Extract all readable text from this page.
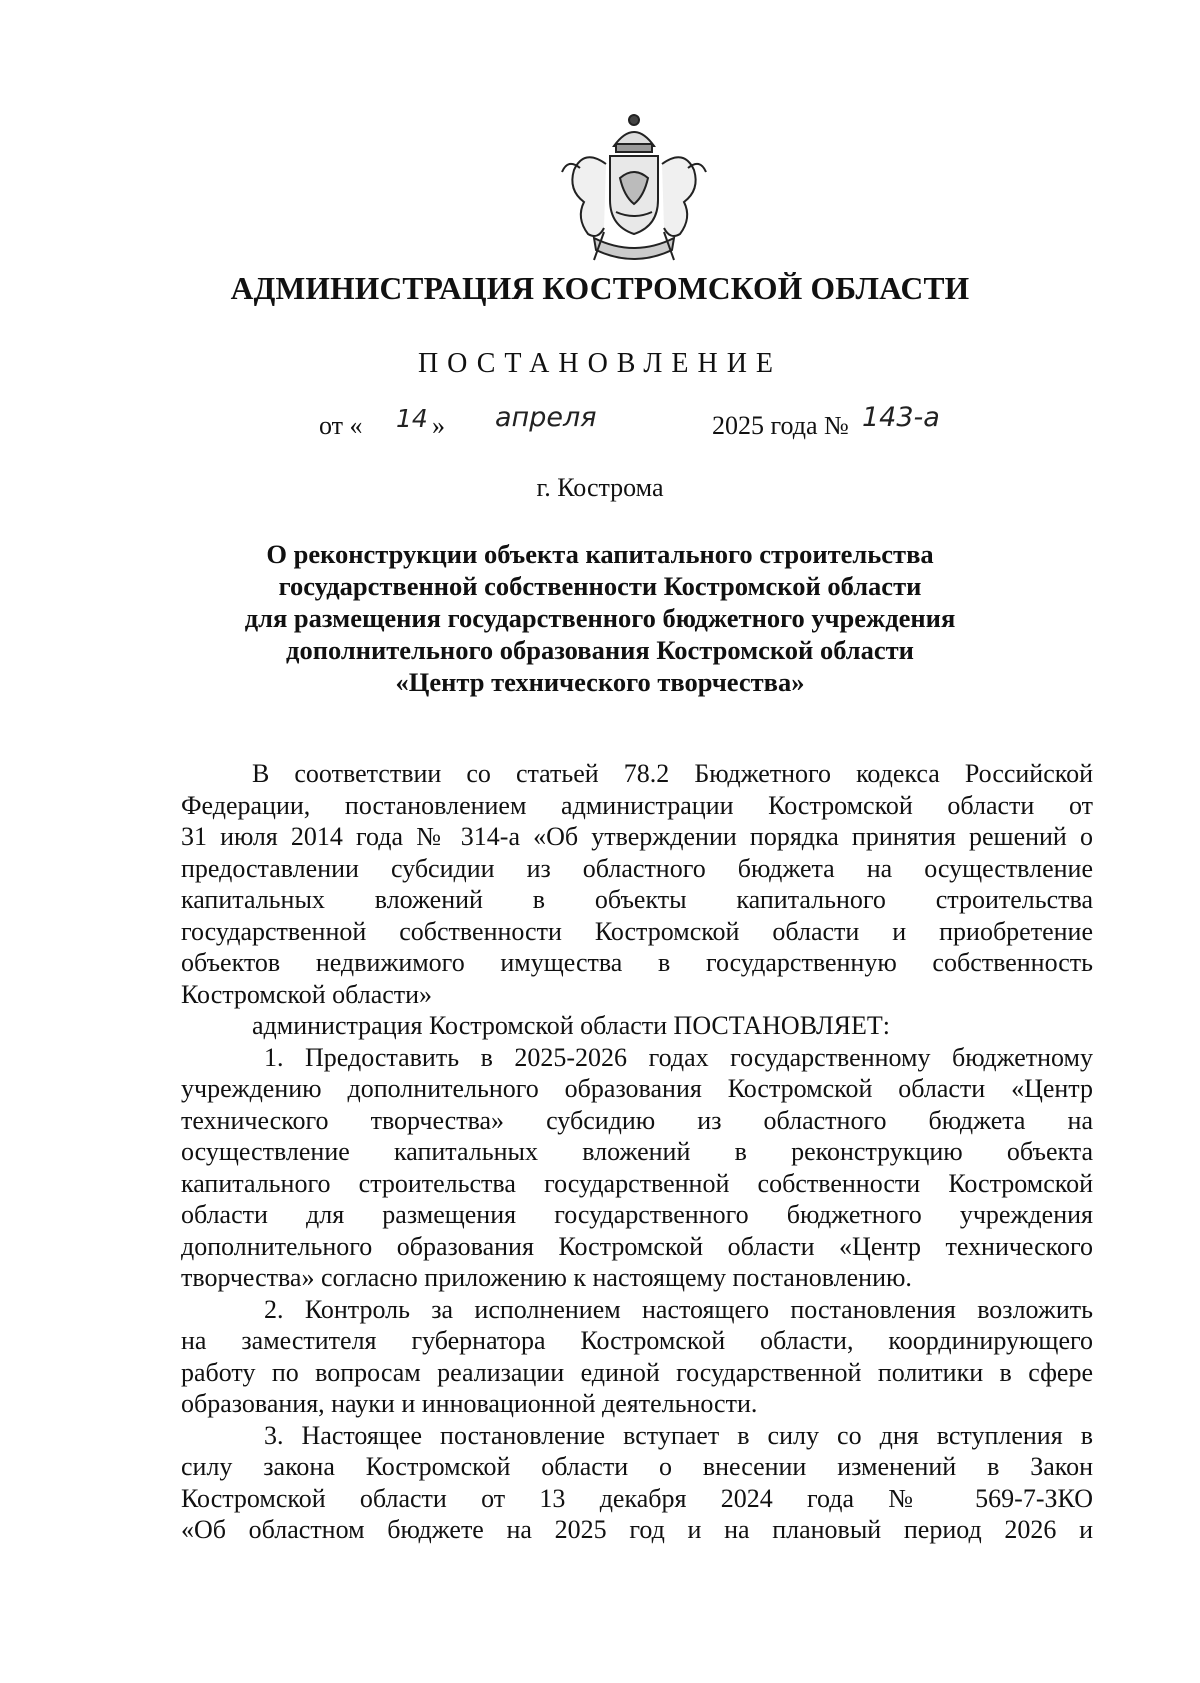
АДМИНИСТРАЦИЯ КОСТРОМСКОЙ ОБЛАСТИ
ПОСТАНОВЛЕНИЕ
от « 14 » апреля	2025 года № 143-а
г. Кострома
О реконструкции объекта капитального строительства
государственной собственности Костромской области
для размещения государственного бюджетного учреждения
дополнительного образования Костромской области
«Центр технического творчества»
В соответствии со статьей 78.2 Бюджетного кодекса Российской
Федерации, постановлением администрации Костромской области от
31 июля 2014 года № 314-а «Об утверждении порядка принятия решений о
предоставлении субсидии из областного бюджета на осуществление
капитальных вложений в объекты капитального строительства
государственной собственности Костромской области и приобретение
объектов недвижимого имущества в государственную собственность
Костромской области»
администрация Костромской области ПОСТАНОВЛЯЕТ:
1. Предоставить в 2025-2026 годах государственному бюджетному
учреждению дополнительного образования Костромской области «Центр
технического творчества» субсидию из областного бюджета на
осуществление капитальных вложений в реконструкцию объекта
капитального строительства государственной собственности Костромской
области для размещения государственного бюджетного учреждения
дополнительного образования Костромской области «Центр технического
творчества» согласно приложению к настоящему постановлению.
2. Контроль за исполнением настоящего постановления возложить
на заместителя губернатора Костромской области, координирующего
работу по вопросам реализации единой государственной политики в сфере
образования, науки и инновационной деятельности.
3. Настоящее постановление вступает в силу со дня вступления в
силу закона Костромской области о внесении изменений в Закон
Костромской области от 13 декабря 2024 года № 569-7-ЗКО
«Об областном бюджете на 2025 год и на плановый период 2026 и
